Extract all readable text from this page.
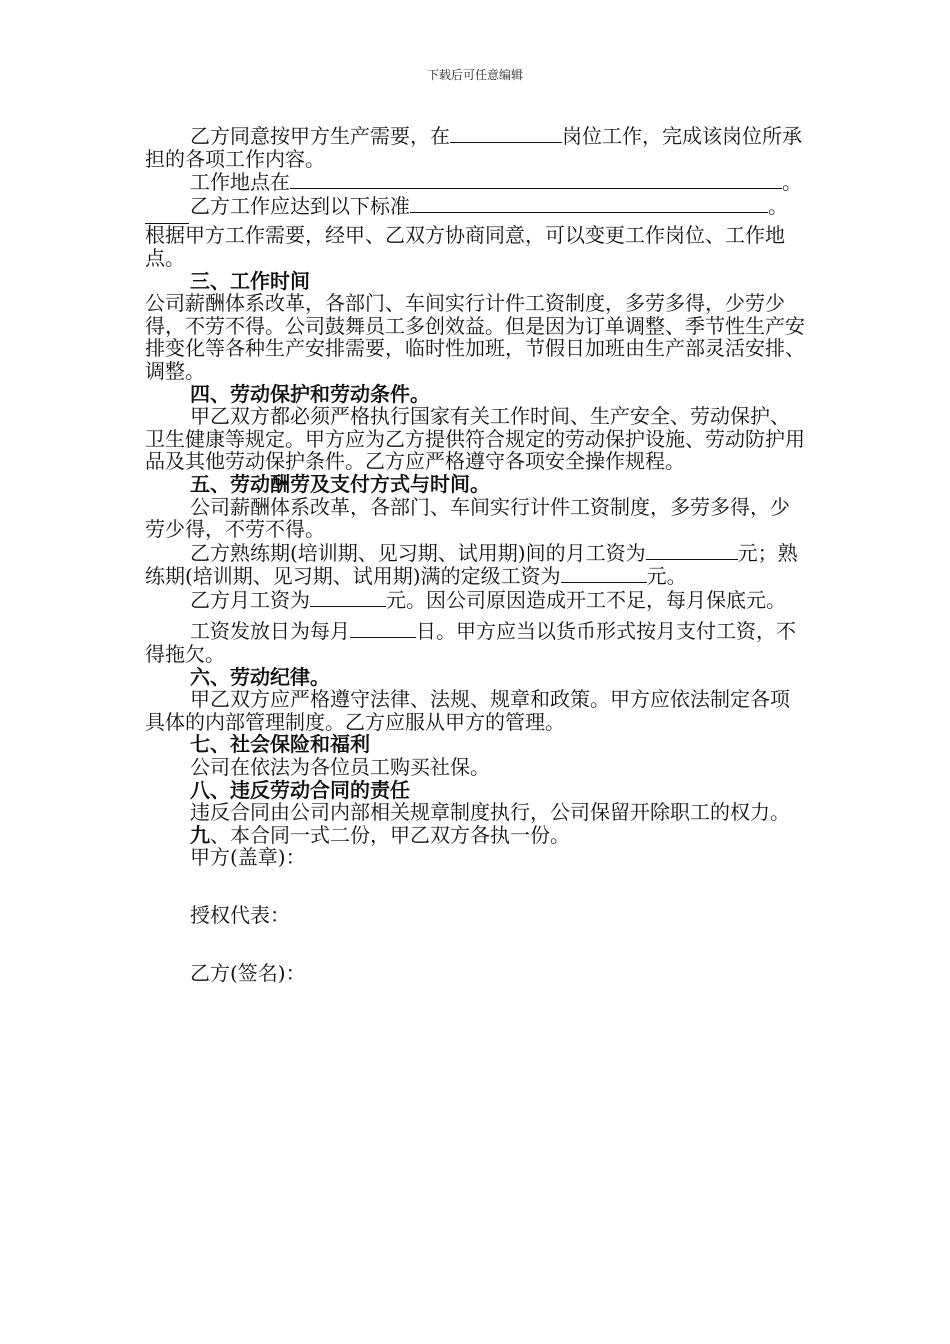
下载后可任意编辑

乙方同意按甲方生产需要，在	岗位工作，完成该岗位所承担的各项工作内容。

工作地点在	。

乙方工作应达到以下标准	。

根据甲方工作需要，经甲、乙双方协商同意，可以变更工作岗位、工作地点。

三、工作时间

公司薪酬体系改革，各部门、车间实行计件工资制度，多劳多得，少劳少得，不劳不得。公司鼓舞员工多创效益。但是因为订单调整、季节性生产安排变化等各种生产安排需要，临时性加班，节假日加班由生产部灵活安排、调整。

四、劳动保护和劳动条件。

甲乙双方都必须严格执行国家有关工作时间、生产安全、劳动保护、卫生健康等规定。甲方应为乙方提供符合规定的劳动保护设施、劳动防护用品及其他劳动保护条件。乙方应严格遵守各项安全操作规程。

五、劳动酬劳及支付方式与时间。

公司薪酬体系改革，各部门、车间实行计件工资制度，多劳多得，少劳少得，不劳不得。

乙方熟练期(培训期、见习期、试用期)间的月工资为	元；熟练期(培训期、见习期、试用期)满的定级工资为	元。

乙方月工资为	元。因公司原因造成开工不足，每月保底元。

工资发放日为每月	日。甲方应当以货币形式按月支付工资，不得拖欠。

六、劳动纪律。

甲乙双方应严格遵守法律、法规、规章和政策。甲方应依法制定各项具体的内部管理制度。乙方应服从甲方的管理。

七、社会保险和福利

公司在依法为各位员工购买社保。

八、违反劳动合同的责任

违反合同由公司内部相关规章制度执行，公司保留开除职工的权力。

九、本合同一式二份，甲乙双方各执一份。

甲方(盖章)：

授权代表：

乙方(签名)：
